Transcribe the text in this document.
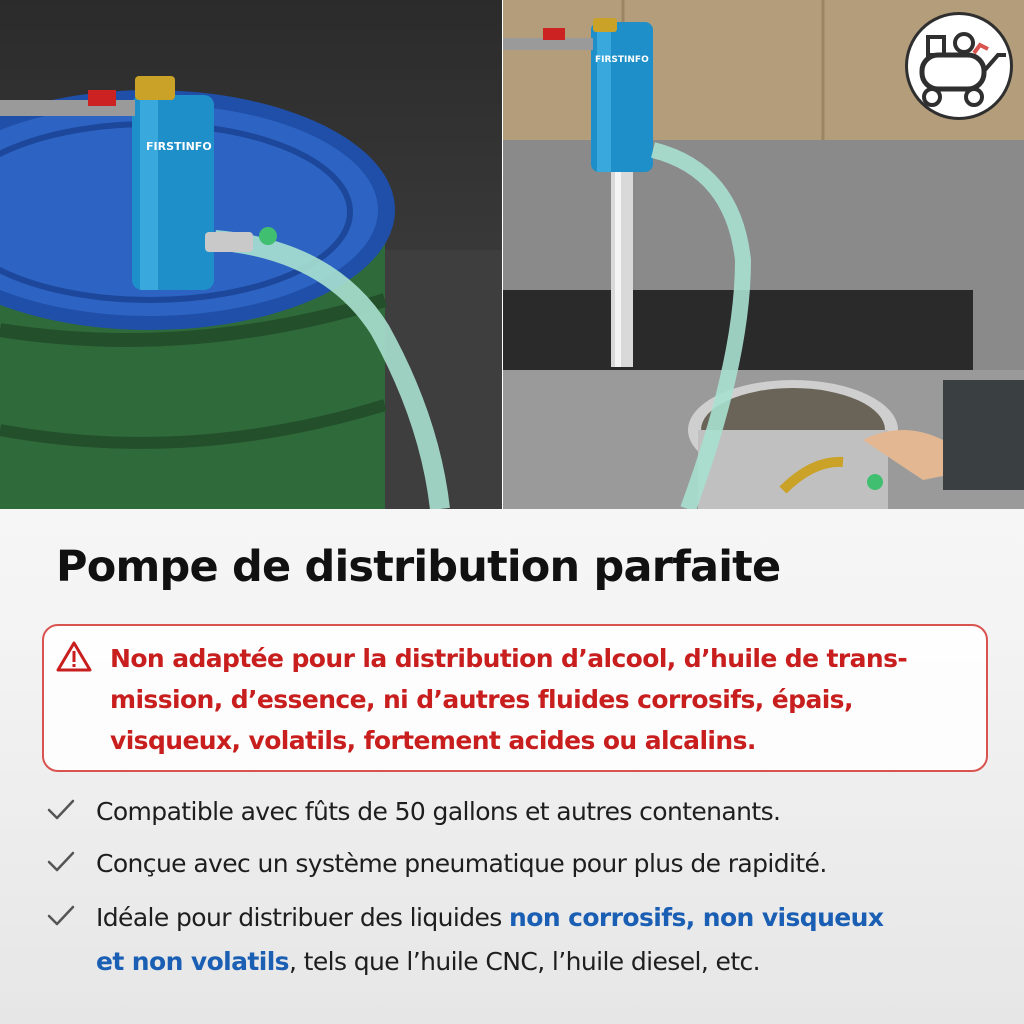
FIRSTINFO
FIRSTINFO
Pompe de distribution parfaite
Non adaptée pour la distribution d’alcool, d’huile de trans-
mission, d’essence, ni d’autres fluides corrosifs, épais,
visqueux, volatils, fortement acides ou alcalins.
Compatible avec fûts de 50 gallons et autres contenants.
Conçue avec un système pneumatique pour plus de rapidité.
Idéale pour distribuer des liquides non corrosifs, non visqueux
et non volatils, tels que l’huile CNC, l’huile diesel, etc.
